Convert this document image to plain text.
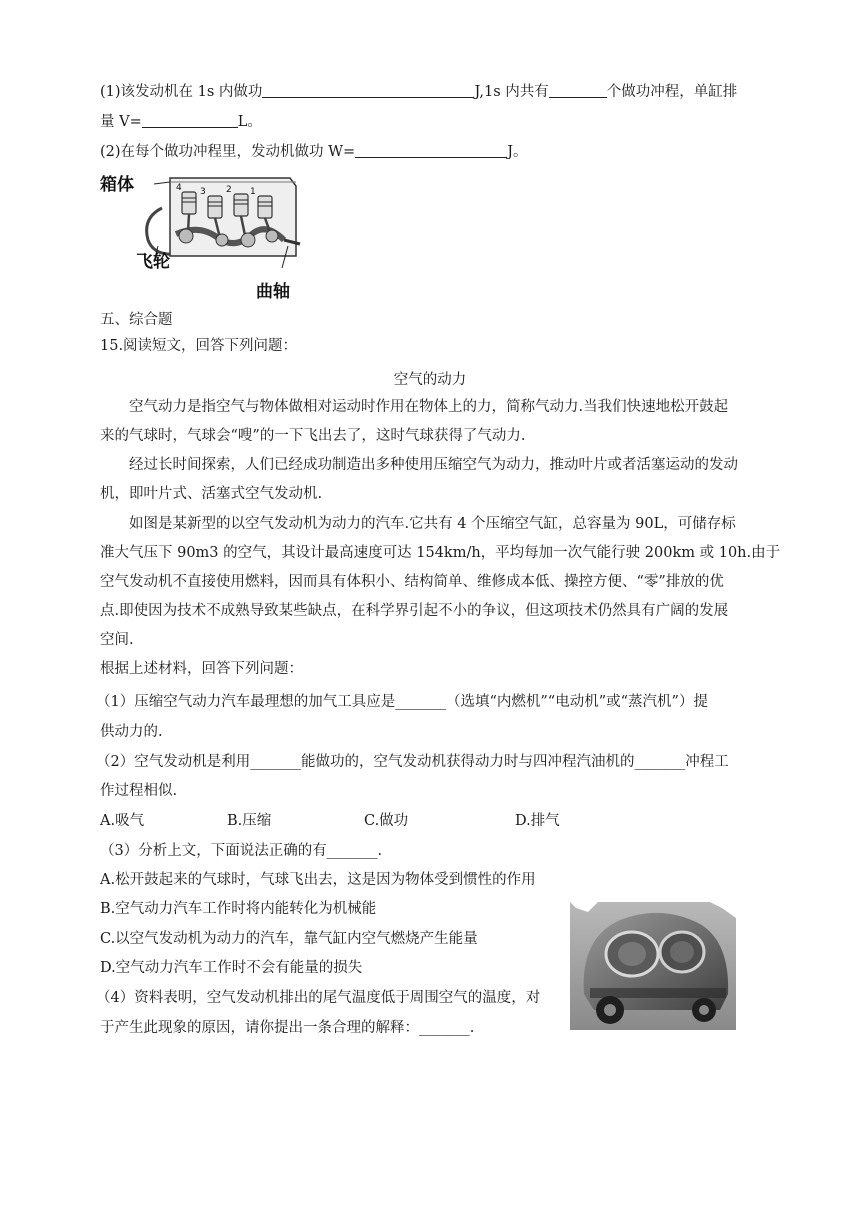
(1)该发动机在 1s 内做功	J,1s 内共有	个做功冲程，单缸排
量 V=	L。
(2)在每个做功冲程里，发动机做功 W=	J。
4 3 2 1
箱体
飞轮
曲轴
五、综合题
15.阅读短文，回答下列问题：
空气的动力
空气动力是指空气与物体做相对运动时作用在物体上的力，简称气动力.当我们快速地松开鼓起
来的气球时，气球会“嗖”的一下飞出去了，这时气球获得了气动力.
经过长时间探索，人们已经成功制造出多种使用压缩空气为动力，推动叶片或者活塞运动的发动
机，即叶片式、活塞式空气发动机.
如图是某新型的以空气发动机为动力的汽车.它共有 4 个压缩空气缸，总容量为 90L，可储存标
准大气压下 90m3 的空气，其设计最高速度可达 154km/h，平均每加一次气能行驶 200km 或 10h.由于
空气发动机不直接使用燃料，因而具有体积小、结构简单、维修成本低、操控方便、“零”排放的优
点.即使因为技术不成熟导致某些缺点，在科学界引起不小的争议，但这项技术仍然具有广阔的发展
空间.
根据上述材料，回答下列问题：
（1）压缩空气动力汽车最理想的加气工具应是_______（选填“内燃机”“电动机”或“蒸汽机”）提
供动力的.
（2）空气发动机是利用_______能做功的，空气发动机获得动力时与四冲程汽油机的_______冲程工
作过程相似.
A.吸气	B.压缩	C.做功	D.排气
（3）分析上文，下面说法正确的有_______.
A.松开鼓起来的气球时，气球飞出去，这是因为物体受到惯性的作用
B.空气动力汽车工作时将内能转化为机械能
C.以空气发动机为动力的汽车，靠气缸内空气燃烧产生能量
D.空气动力汽车工作时不会有能量的损失
（4）资料表明，空气发动机排出的尾气温度低于周围空气的温度，对
于产生此现象的原因，请你提出一条合理的解释：_______.
